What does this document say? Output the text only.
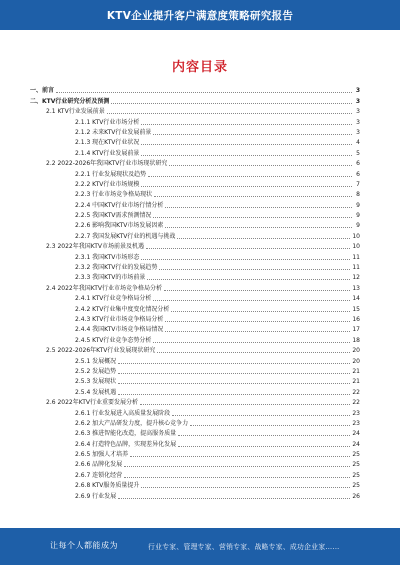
KTV企业提升客户满意度策略研究报告
内容目录
一、前言	3
二、KTV行业研究分析及预测	3
2.1 KTV行业发展前景	3
2.1.1 KTV行业市场分析	3
2.1.2 未来KTV行业发展前景	3
2.1.3 现在KTV行业状况	4
2.1.4 KTV行业发展前景	5
2.2 2022-2026年我国KTV行业市场现状研究	6
2.2.1 行业发展现状及趋势	6
2.2.2 KTV行业市场规模	7
2.2.3 行业市场竞争格局现状	8
2.2.4 中国KTV行业市场行情分析	9
2.2.5 我国KTV需求预测情况	9
2.2.6 影响我国KTV市场发展因素	9
2.2.7 我国发展KTV行业的机遇与挑战	10
2.3 2022年我国KTV市场前景及机遇	10
2.3.1 我国KTV市场形态	11
2.3.2 我国KTV行业的发展趋势	11
2.3.3 我国KTV的市场前景	12
2.4 2022年我国KTV行业市场竞争格局分析	13
2.4.1 KTV行业竞争格局分析	14
2.4.2 KTV行业集中度变化情况分析	15
2.4.3 KTV行业市场竞争格局分析	16
2.4.4 我国KTV市场竞争格局情况	17
2.4.5 KTV行业竞争态势分析	18
2.5 2022-2026年KTV行业发展现状研究	20
2.5.1 发展概况	20
2.5.2 发展趋势	21
2.5.3 发展现状	21
2.5.4 发展机遇	22
2.6 2022年KTV行业重要发展分析	22
2.6.1 行业发展进入高质量发展阶段	23
2.6.2 加大产品研发力度，提升核心竞争力	23
2.6.3 推进智能化改造，提高服务质量	24
2.6.4 打造特色品牌，实现差异化发展	24
2.6.5 加强人才培养	25
2.6.6 品牌化发展	25
2.6.7 连锁化经营	25
2.6.8 KTV服务质量提升	25
2.6.9 行业发展	26
让每个人都能成为	行业专家、管理专家、营销专家、战略专家、成功企业家……
